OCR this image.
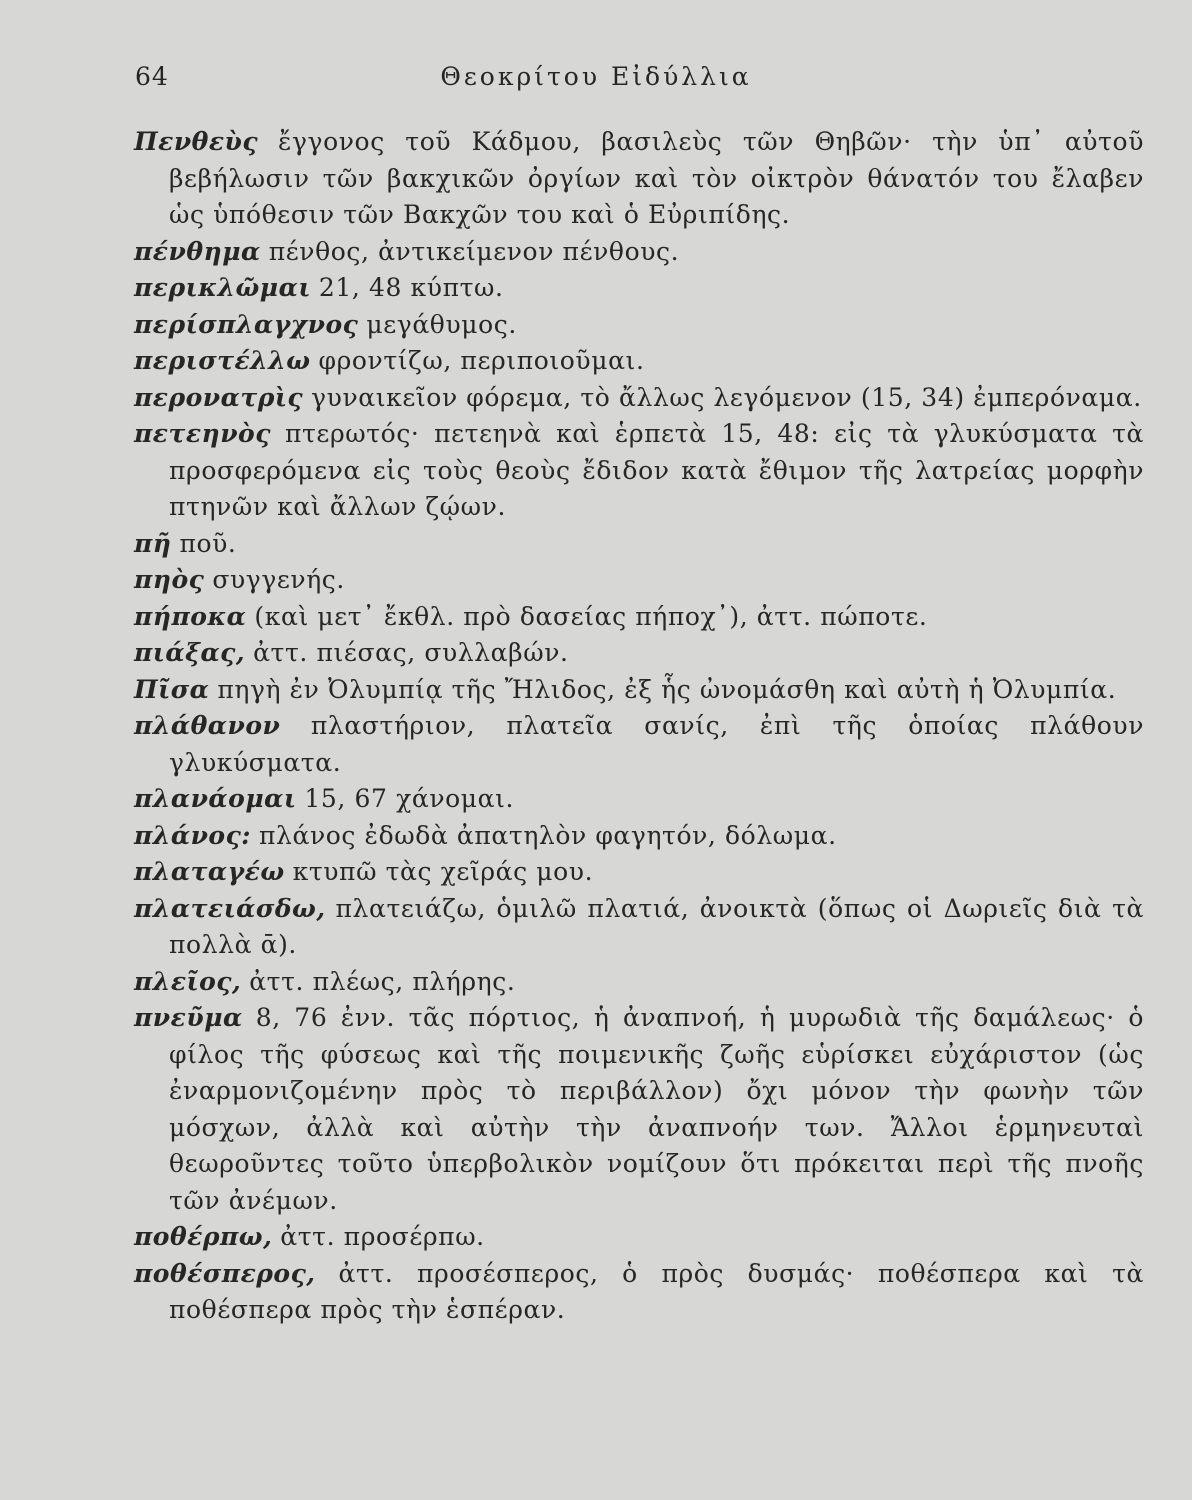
64	Θεοκρίτου Εἰδύλλια

Πενθεὺς ἔγγονος τοῦ Κάδμου, βασιλεὺς τῶν Θηβῶν· τὴν ὑπ᾿ αὐτοῦ βεβήλωσιν τῶν βακχικῶν ὀργίων καὶ τὸν οἰκτρὸν θάνατόν του ἔλαβεν ὡς ὑπόθεσιν τῶν Βακχῶν του καὶ ὁ Εὐριπίδης.

πένθημα πένθος, ἀντικείμενον πένθους.

περικλῶμαι 21, 48 κύπτω.

περίσπλαγχνος μεγάθυμος.

περιστέλλω φροντίζω, περιποιοῦμαι.

περονατρὶς γυναικεῖον φόρεμα, τὸ ἄλλως λεγόμενον (15, 34) ἐμπερόναμα.

πετεηνὸς πτερωτός· πετεηνὰ καὶ ἑρπετὰ 15, 48: εἰς τὰ γλυκύσματα τὰ προσφερόμενα εἰς τοὺς θεοὺς ἔδιδον κατὰ ἔθιμον τῆς λατρείας μορφὴν πτηνῶν καὶ ἄλλων ζῴων.

πῆ ποῦ.

πηὸς συγγενής.

πήποκα (καὶ μετ᾿ ἔκθλ. πρὸ δασείας πήποχ᾿), ἀττ. πώποτε.

πιάξας, ἀττ. πιέσας, συλλαβών.

Πῖσα πηγὴ ἐν Ὀλυμπίᾳ τῆς Ἤλιδος, ἐξ ἧς ὠνομάσθη καὶ αὐτὴ ἡ Ὀλυμπία.

πλάθανον πλαστήριον, πλατεῖα σανίς, ἐπὶ τῆς ὁποίας πλάθουν γλυκύσματα.

πλανάομαι 15, 67 χάνομαι.

πλάνος: πλάνος ἐδωδὰ ἀπατηλὸν φαγητόν, δόλωμα.

πλαταγέω κτυπῶ τὰς χεῖράς μου.

πλατειάσδω, πλατειάζω, ὁμιλῶ πλατιά, ἀνοικτὰ (ὅπως οἱ Δωριεῖς διὰ τὰ πολλὰ ᾱ).

πλεῖος, ἀττ. πλέως, πλήρης.

πνεῦμα 8, 76 ἐνν. τᾶς πόρτιος, ἡ ἀναπνοή, ἡ μυρωδιὰ τῆς δαμάλεως· ὁ φίλος τῆς φύσεως καὶ τῆς ποιμενικῆς ζωῆς εὑρίσκει εὐχάριστον (ὡς ἐναρμονιζομένην πρὸς τὸ περιβάλλον) ὄχι μόνον τὴν φωνὴν τῶν μόσχων, ἀλλὰ καὶ αὐτὴν τὴν ἀναπνοήν των. Ἄλλοι ἑρμηνευταὶ θεωροῦντες τοῦτο ὑπερβολικὸν νομίζουν ὅτι πρόκειται περὶ τῆς πνοῆς τῶν ἀνέμων.

ποθέρπω, ἀττ. προσέρπω.

ποθέσπερος, ἀττ. προσέσπερος, ὁ πρὸς δυσμάς· ποθέσπερα καὶ τὰ ποθέσπερα πρὸς τὴν ἑσπέραν.
